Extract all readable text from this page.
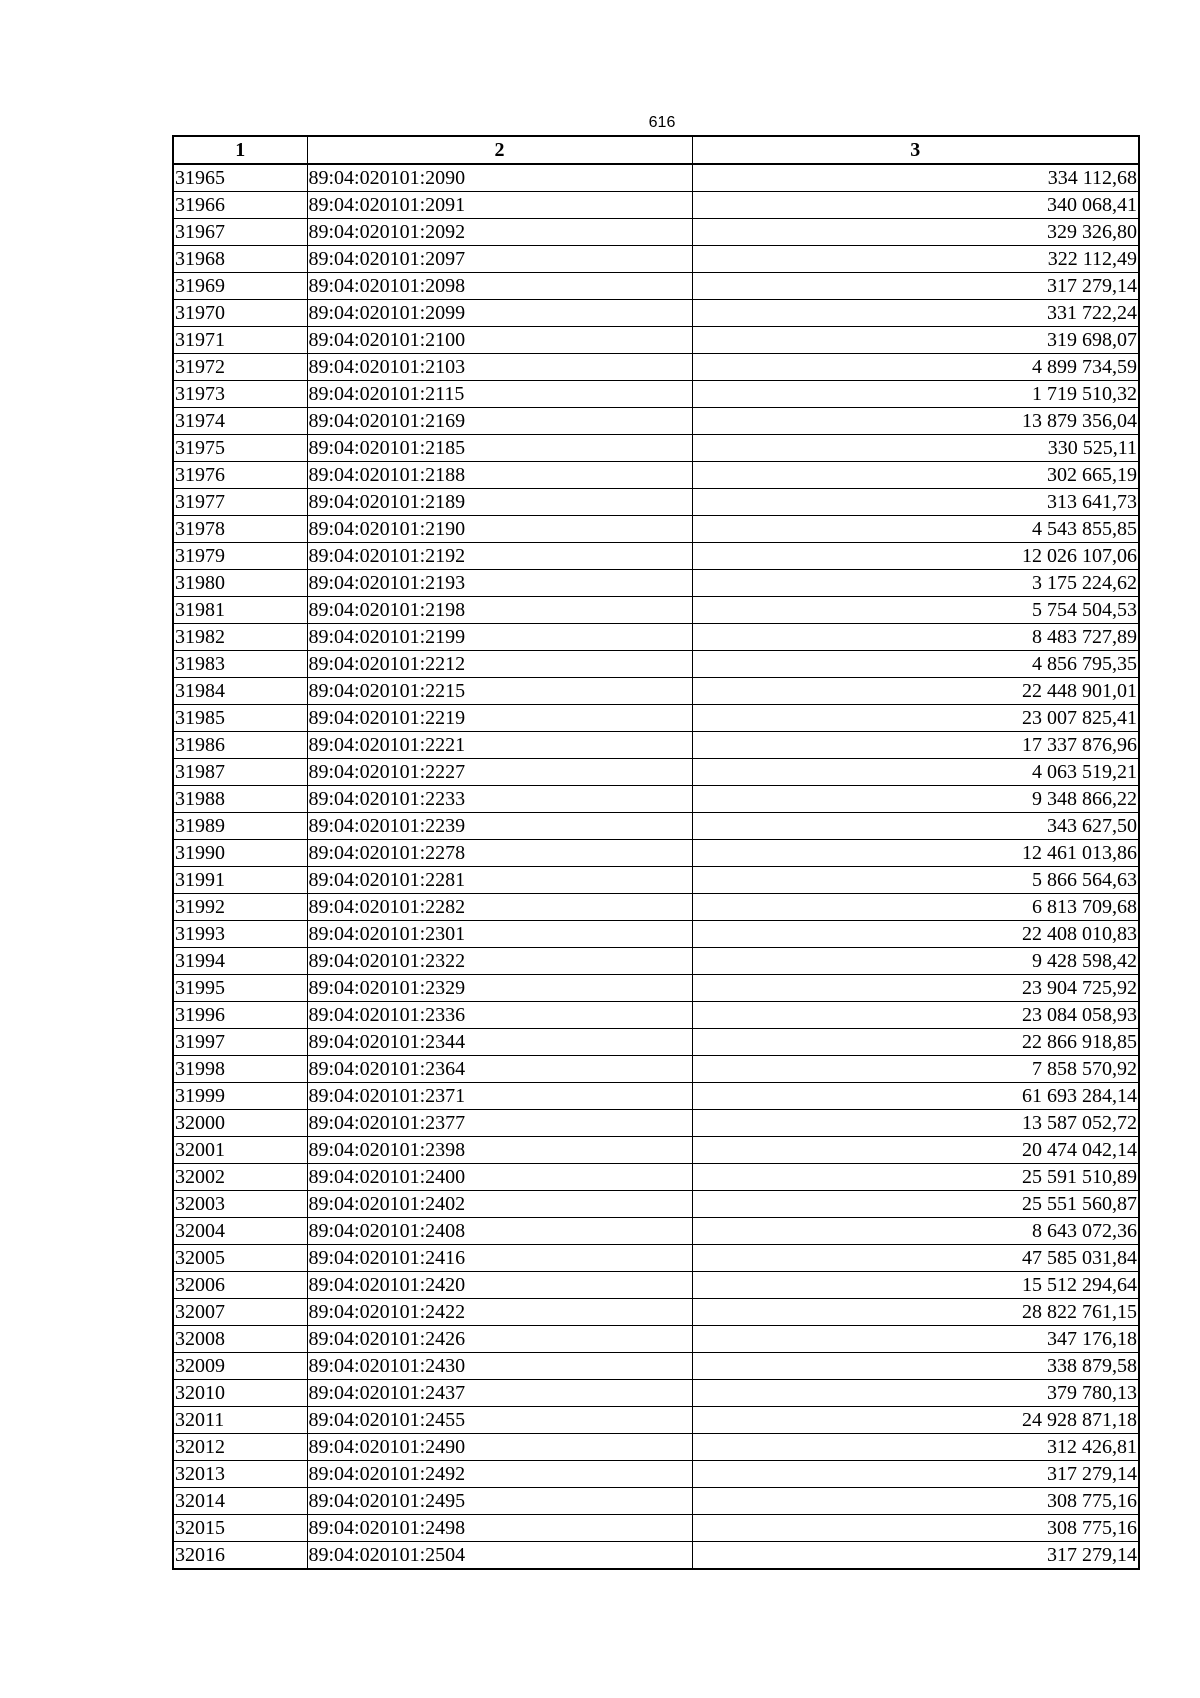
616
1	2	3
31965	89:04:020101:2090	334 112,68
31966	89:04:020101:2091	340 068,41
31967	89:04:020101:2092	329 326,80
31968	89:04:020101:2097	322 112,49
31969	89:04:020101:2098	317 279,14
31970	89:04:020101:2099	331 722,24
31971	89:04:020101:2100	319 698,07
31972	89:04:020101:2103	4 899 734,59
31973	89:04:020101:2115	1 719 510,32
31974	89:04:020101:2169	13 879 356,04
31975	89:04:020101:2185	330 525,11
31976	89:04:020101:2188	302 665,19
31977	89:04:020101:2189	313 641,73
31978	89:04:020101:2190	4 543 855,85
31979	89:04:020101:2192	12 026 107,06
31980	89:04:020101:2193	3 175 224,62
31981	89:04:020101:2198	5 754 504,53
31982	89:04:020101:2199	8 483 727,89
31983	89:04:020101:2212	4 856 795,35
31984	89:04:020101:2215	22 448 901,01
31985	89:04:020101:2219	23 007 825,41
31986	89:04:020101:2221	17 337 876,96
31987	89:04:020101:2227	4 063 519,21
31988	89:04:020101:2233	9 348 866,22
31989	89:04:020101:2239	343 627,50
31990	89:04:020101:2278	12 461 013,86
31991	89:04:020101:2281	5 866 564,63
31992	89:04:020101:2282	6 813 709,68
31993	89:04:020101:2301	22 408 010,83
31994	89:04:020101:2322	9 428 598,42
31995	89:04:020101:2329	23 904 725,92
31996	89:04:020101:2336	23 084 058,93
31997	89:04:020101:2344	22 866 918,85
31998	89:04:020101:2364	7 858 570,92
31999	89:04:020101:2371	61 693 284,14
32000	89:04:020101:2377	13 587 052,72
32001	89:04:020101:2398	20 474 042,14
32002	89:04:020101:2400	25 591 510,89
32003	89:04:020101:2402	25 551 560,87
32004	89:04:020101:2408	8 643 072,36
32005	89:04:020101:2416	47 585 031,84
32006	89:04:020101:2420	15 512 294,64
32007	89:04:020101:2422	28 822 761,15
32008	89:04:020101:2426	347 176,18
32009	89:04:020101:2430	338 879,58
32010	89:04:020101:2437	379 780,13
32011	89:04:020101:2455	24 928 871,18
32012	89:04:020101:2490	312 426,81
32013	89:04:020101:2492	317 279,14
32014	89:04:020101:2495	308 775,16
32015	89:04:020101:2498	308 775,16
32016	89:04:020101:2504	317 279,14
